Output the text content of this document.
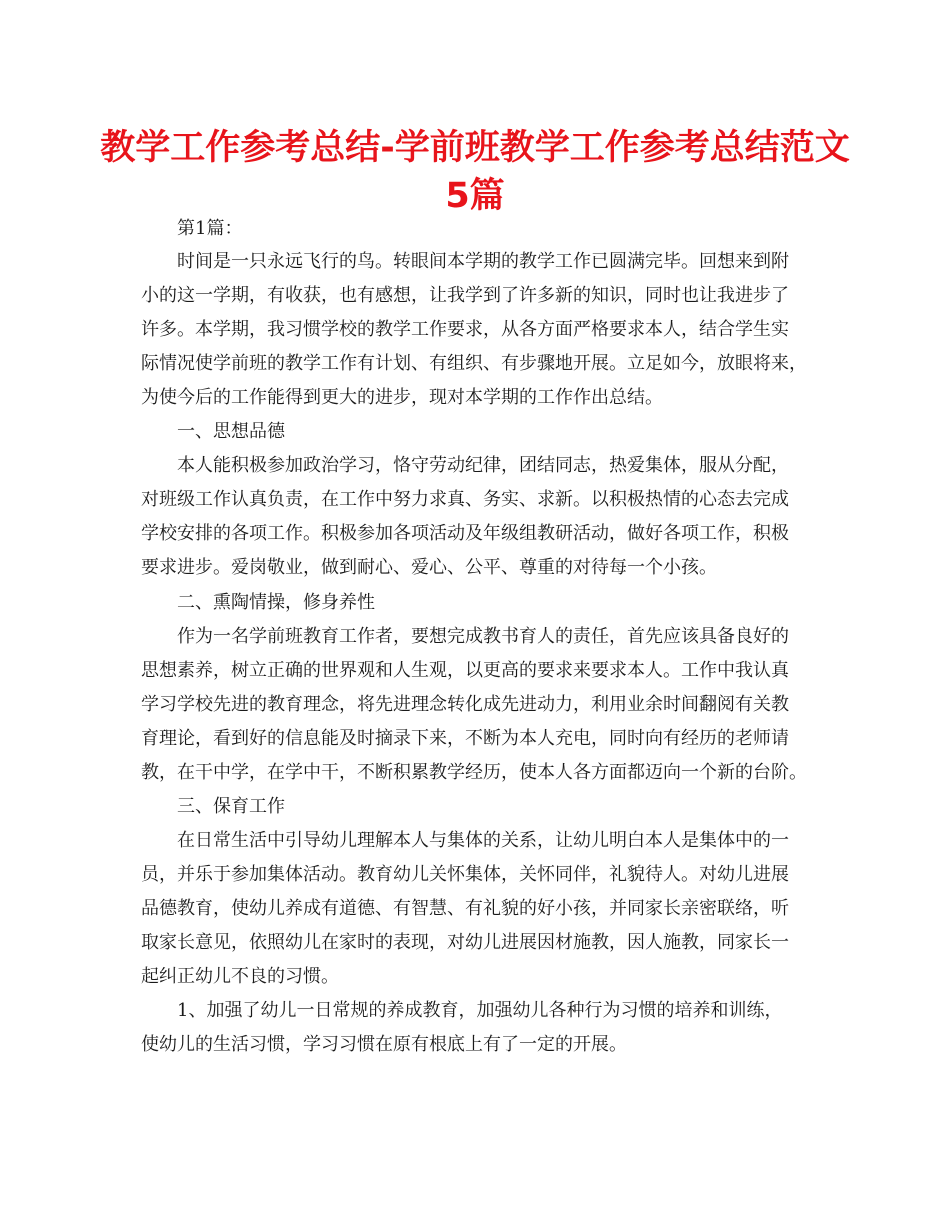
教学工作参考总结-学前班教学工作参考总结范文
5篇

第1篇：

时间是一只永远飞行的鸟。转眼间本学期的教学工作已圆满完毕。回想来到附

小的这一学期，有收获，也有感想，让我学到了许多新的知识，同时也让我进步了

许多。本学期，我习惯学校的教学工作要求，从各方面严格要求本人，结合学生实

际情况使学前班的教学工作有计划、有组织、有步骤地开展。立足如今，放眼将来，

为使今后的工作能得到更大的进步，现对本学期的工作作出总结。

一、思想品德

本人能积极参加政治学习，恪守劳动纪律，团结同志，热爱集体，服从分配，

对班级工作认真负责，在工作中努力求真、务实、求新。以积极热情的心态去完成

学校安排的各项工作。积极参加各项活动及年级组教研活动，做好各项工作，积极

要求进步。爱岗敬业，做到耐心、爱心、公平、尊重的对待每一个小孩。

二、熏陶情操，修身养性

作为一名学前班教育工作者，要想完成教书育人的责任，首先应该具备良好的

思想素养，树立正确的世界观和人生观，以更高的要求来要求本人。工作中我认真

学习学校先进的教育理念，将先进理念转化成先进动力，利用业余时间翻阅有关教

育理论，看到好的信息能及时摘录下来，不断为本人充电，同时向有经历的老师请

教，在干中学，在学中干，不断积累教学经历，使本人各方面都迈向一个新的台阶。

三、保育工作

在日常生活中引导幼儿理解本人与集体的关系，让幼儿明白本人是集体中的一

员，并乐于参加集体活动。教育幼儿关怀集体，关怀同伴，礼貌待人。对幼儿进展

品德教育，使幼儿养成有道德、有智慧、有礼貌的好小孩，并同家长亲密联络，听

取家长意见，依照幼儿在家时的表现，对幼儿进展因材施教，因人施教，同家长一

起纠正幼儿不良的习惯。

1、加强了幼儿一日常规的养成教育，加强幼儿各种行为习惯的培养和训练，

使幼儿的生活习惯，学习习惯在原有根底上有了一定的开展。
